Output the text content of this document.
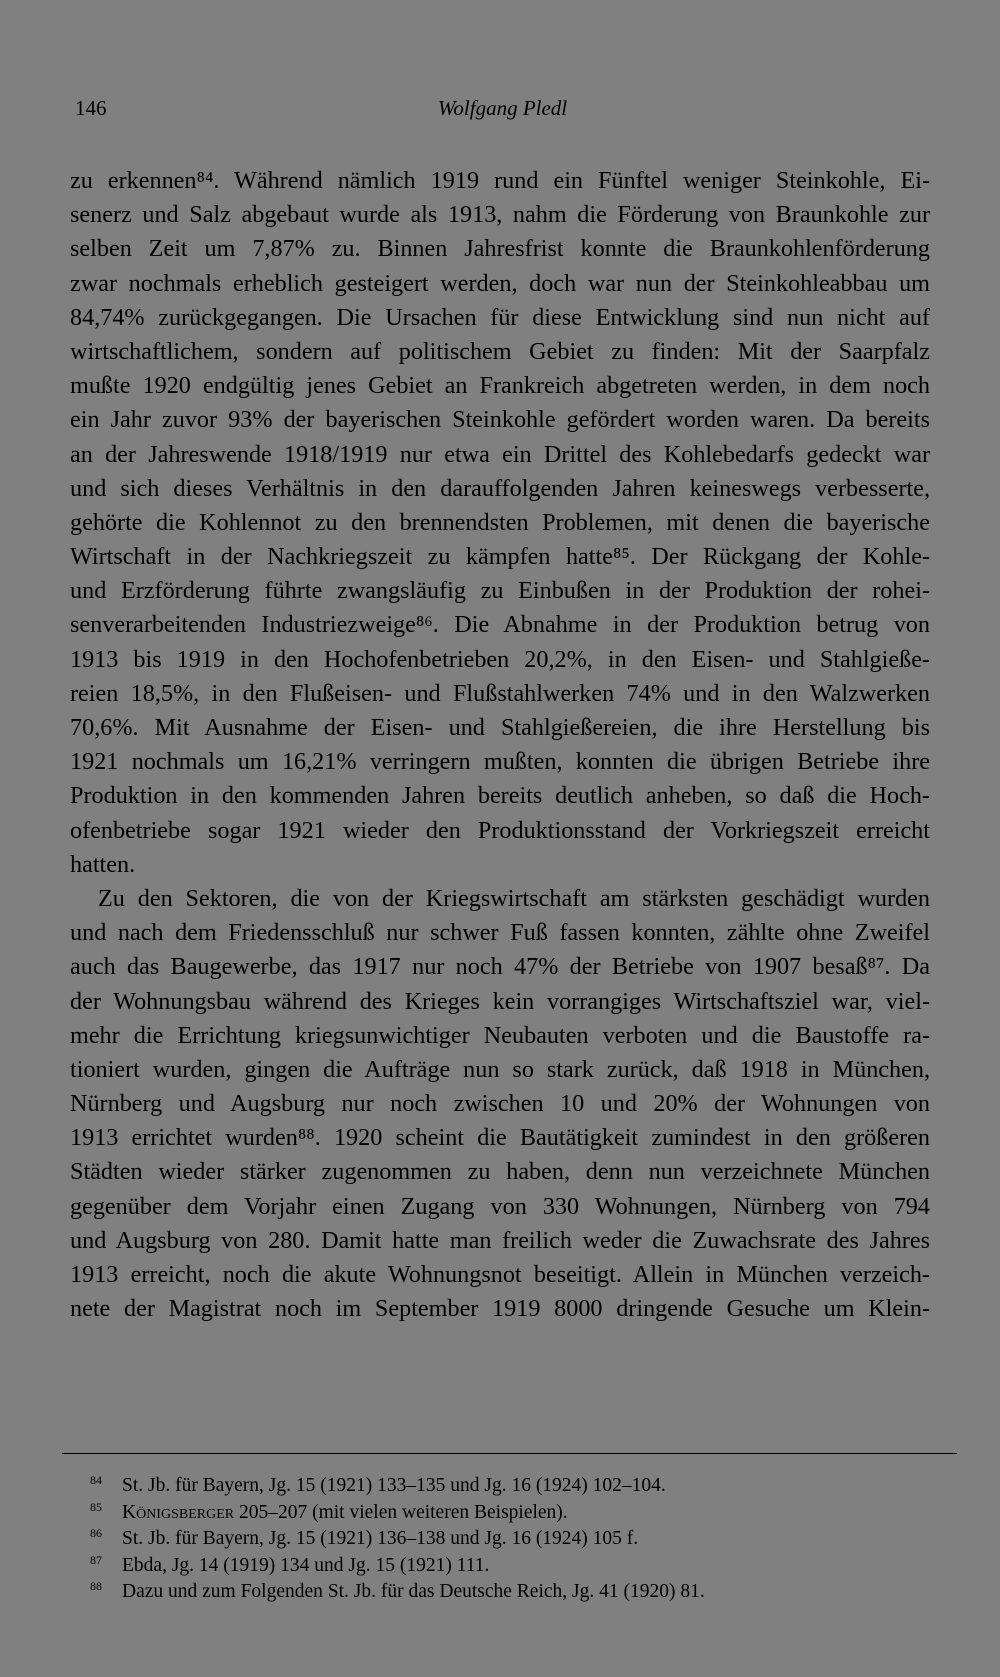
146	Wolfgang Pledl
zu erkennen⁸⁴. Während nämlich 1919 rund ein Fünftel weniger Steinkohle, Ei-
senerz und Salz abgebaut wurde als 1913, nahm die Förderung von Braunkohle zur
selben Zeit um 7,87% zu. Binnen Jahresfrist konnte die Braunkohlenförderung
zwar nochmals erheblich gesteigert werden, doch war nun der Steinkohleabbau um
84,74% zurückgegangen. Die Ursachen für diese Entwicklung sind nun nicht auf
wirtschaftlichem, sondern auf politischem Gebiet zu finden: Mit der Saarpfalz
mußte 1920 endgültig jenes Gebiet an Frankreich abgetreten werden, in dem noch
ein Jahr zuvor 93% der bayerischen Steinkohle gefördert worden waren. Da bereits
an der Jahreswende 1918/1919 nur etwa ein Drittel des Kohlebedarfs gedeckt war
und sich dieses Verhältnis in den darauffolgenden Jahren keineswegs verbesserte,
gehörte die Kohlennot zu den brennendsten Problemen, mit denen die bayerische
Wirtschaft in der Nachkriegszeit zu kämpfen hatte⁸⁵. Der Rückgang der Kohle-
und Erzförderung führte zwangsläufig zu Einbußen in der Produktion der rohei-
senverarbeitenden Industriezweige⁸⁶. Die Abnahme in der Produktion betrug von
1913 bis 1919 in den Hochofenbetrieben 20,2%, in den Eisen- und Stahlgieße-
reien 18,5%, in den Flußeisen- und Flußstahlwerken 74% und in den Walzwerken
70,6%. Mit Ausnahme der Eisen- und Stahlgießereien, die ihre Herstellung bis
1921 nochmals um 16,21% verringern mußten, konnten die übrigen Betriebe ihre
Produktion in den kommenden Jahren bereits deutlich anheben, so daß die Hoch-
ofenbetriebe sogar 1921 wieder den Produktionsstand der Vorkriegszeit erreicht
hatten.
Zu den Sektoren, die von der Kriegswirtschaft am stärksten geschädigt wurden
und nach dem Friedensschluß nur schwer Fuß fassen konnten, zählte ohne Zweifel
auch das Baugewerbe, das 1917 nur noch 47% der Betriebe von 1907 besaß⁸⁷. Da
der Wohnungsbau während des Krieges kein vorrangiges Wirtschaftsziel war, viel-
mehr die Errichtung kriegsunwichtiger Neubauten verboten und die Baustoffe ra-
tioniert wurden, gingen die Aufträge nun so stark zurück, daß 1918 in München,
Nürnberg und Augsburg nur noch zwischen 10 und 20% der Wohnungen von
1913 errichtet wurden⁸⁸. 1920 scheint die Bautätigkeit zumindest in den größeren
Städten wieder stärker zugenommen zu haben, denn nun verzeichnete München
gegenüber dem Vorjahr einen Zugang von 330 Wohnungen, Nürnberg von 794
und Augsburg von 280. Damit hatte man freilich weder die Zuwachsrate des Jahres
1913 erreicht, noch die akute Wohnungsnot beseitigt. Allein in München verzeich-
nete der Magistrat noch im September 1919 8000 dringende Gesuche um Klein-
84	St. Jb. für Bayern, Jg. 15 (1921) 133–135 und Jg. 16 (1924) 102–104.
85	Königsberger 205–207 (mit vielen weiteren Beispielen).
86	St. Jb. für Bayern, Jg. 15 (1921) 136–138 und Jg. 16 (1924) 105 f.
87	Ebda, Jg. 14 (1919) 134 und Jg. 15 (1921) 111.
88	Dazu und zum Folgenden St. Jb. für das Deutsche Reich, Jg. 41 (1920) 81.
